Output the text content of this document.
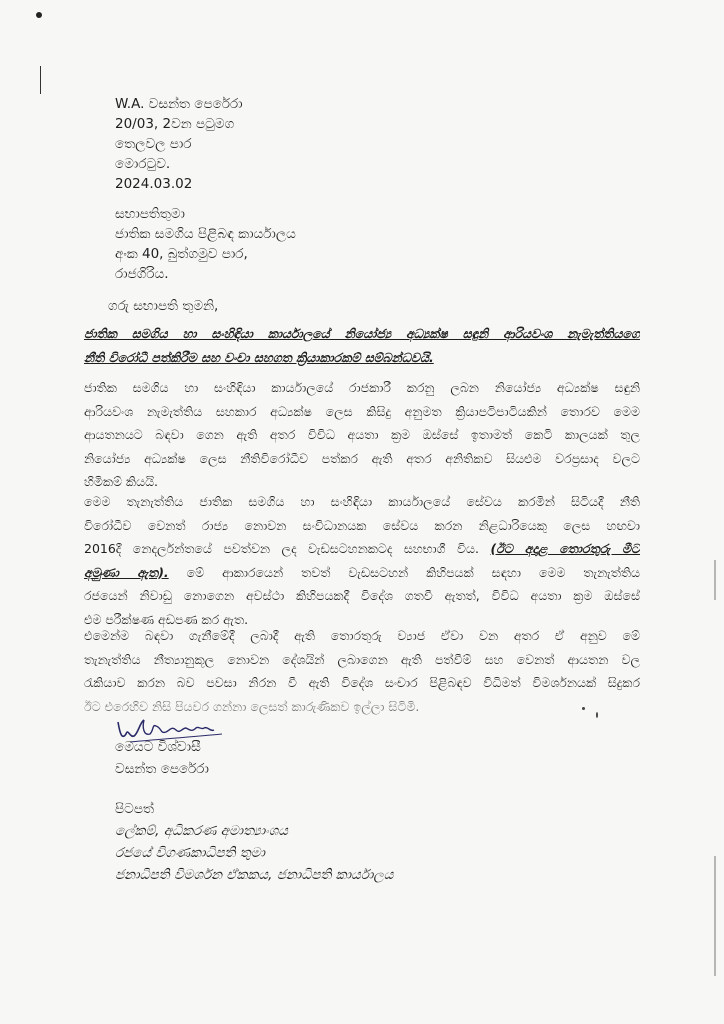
W.A. වසන්ත පෙරේරා
20/03, 2වන පටුමග
තෙලවල පාර
මොරටුව.
2024.03.02
සභාපතිතුමා
ජාතික සමගිය පිළිබඳ කාර්යාලය
අංක 40, බුත්ගමුව පාර,
රාජගිරිය.
ගරු සභාපති තුමනි,
ජාතික සමගිය හා සංහිඳියා කාර්යාලයේ නියෝජ්‍ය අධ්‍යක්ෂ සඳුනි ආරියවංශ නැමැත්තියගේ
නීති විරෝධී පත්කිරීම සහ වංචා සහගත ක්‍රියාකාරකම් සම්බන්ධවයි.
ජාතික සමගිය හා සංහිඳියා කාර්යාලයේ රාජකාරී කරනු ලබන නියෝජ්‍ය අධ්‍යක්ෂ සඳුනි
ආරියවංශ නැමැත්තිය සහකාර අධ්‍යක්ෂ ලෙස කිසිදු අනුමත ක්‍රියාපටිපාටියකින් තොරව මෙම
ආයතනයට බඳවා ගෙන ඇති අතර විවිධ අයතා ක්‍රම ඔස්සේ ඉතාමත් කෙටි කාලයක් තුල
නියෝජ්‍ය අධ්‍යක්ෂ ලෙස නීතිවිරෝධීව පත්කර ඇති අතර අනිතිකව සියළුම වරප්‍රසාද වලට
හිමිකම් කියයි.
මෙම තැනැත්තිය ජාතික සමගිය හා සංහිඳියා කාර්යාලයේ සේවය කරමින් සිටියදී නීති
විරෝධීව වෙනත් රාජ්‍ය නොවන සංවිධානයක සේවය කරන නිළධාරියෙකු ලෙස හඟවා
2016දී නෙදර්ලන්තයේ පවත්වන ලද වැඩසටහනකටද සහභාගී විය. (ඊට අදාළ තොරතුරු මීට
අමුණා ඇත). මේ ආකාරයෙන් තවත් වැඩසටහන් කිහිපයක් සඳහා මෙම තැනැත්තිය
රජයෙන් නිවාඩු නොගෙන අවස්ථා කිහිපයකදී විදේශ ගතවී ඇතත්, විවිධ අයතා ක්‍රම ඔස්සේ
එම පරීක්ෂණ අඩපණ කර ඇත.
එමෙන්ම බඳවා ගැනීමේදී ලබාදී ඇති තොරතුරු ව්‍යාජ ඒවා වන අතර ඒ අනුව මේ
තැනැත්තිය නීත්‍යානුකූල නොවන දේශයින් ලබාගෙන ඇති පත්වීම් සහ වෙනත් ආයතන වල
රැකියාව කරන බව පවසා නිරන වී ඇති විදේශ සංචාර පිළිබඳව විධිමත් විමර්ශනයක් සිදුකර
ඊට එරෙහිව නිසි පියවර ගන්නා ලෙසත් කාරුණිකව ඉල්ලා සිටිමි.
මෙයට විශ්වාසී
වසන්ත පෙරේරා
පිටපත්
ලේකම්, අධිකරණ අමාත්‍යාංශය
රජයේ විගණකාධිපති තුමා
ජනාධිපති විමර්ශන ඒකකය, ජනාධිපති කාර්යාලය
